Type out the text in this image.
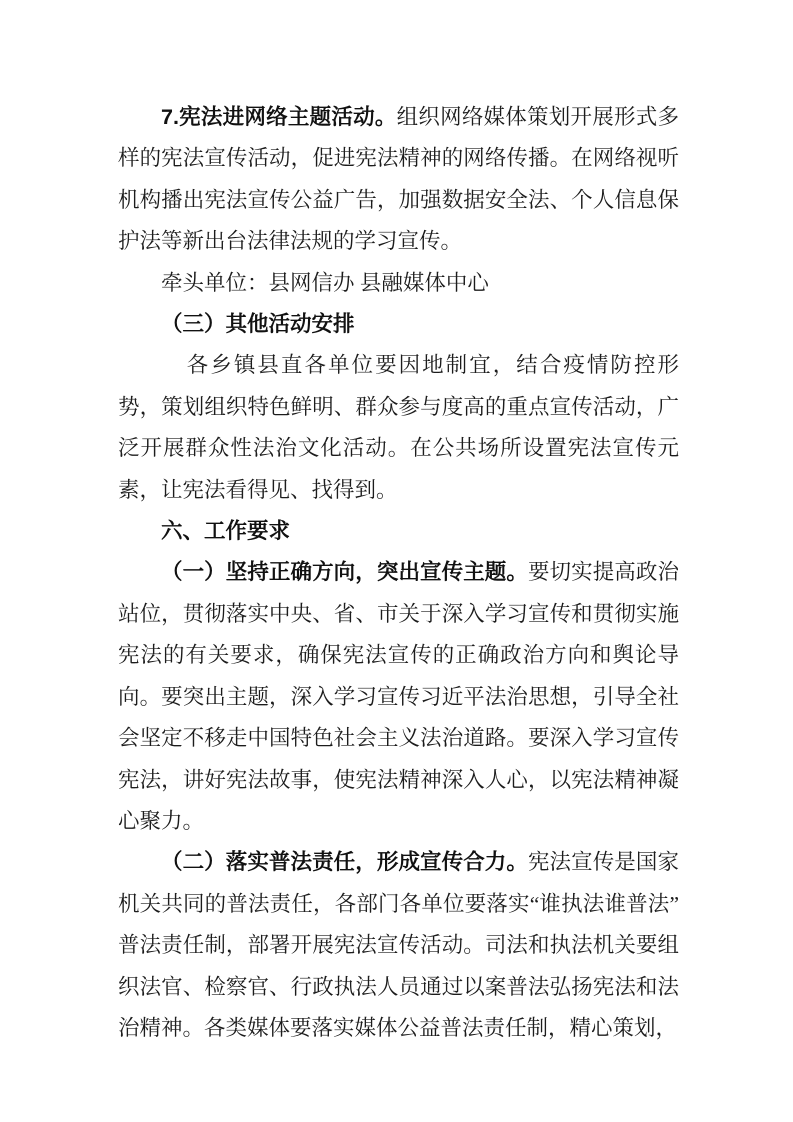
7.宪法进网络主题活动。组织网络媒体策划开展形式多样的宪法宣传活动，促进宪法精神的网络传播。在网络视听机构播出宪法宣传公益广告，加强数据安全法、个人信息保护法等新出台法律法规的学习宣传。

牵头单位：县网信办 县融媒体中心

（三）其他活动安排

各乡镇县直各单位要因地制宜，结合疫情防控形势，策划组织特色鲜明、群众参与度高的重点宣传活动，广泛开展群众性法治文化活动。在公共场所设置宪法宣传元素，让宪法看得见、找得到。

六、工作要求

（一）坚持正确方向，突出宣传主题。要切实提高政治站位，贯彻落实中央、省、市关于深入学习宣传和贯彻实施宪法的有关要求，确保宪法宣传的正确政治方向和舆论导向。要突出主题，深入学习宣传习近平法治思想，引导全社会坚定不移走中国特色社会主义法治道路。要深入学习宣传宪法，讲好宪法故事，使宪法精神深入人心，以宪法精神凝心聚力。

（二）落实普法责任，形成宣传合力。宪法宣传是国家机关共同的普法责任，各部门各单位要落实“谁执法谁普法”普法责任制，部署开展宪法宣传活动。司法和执法机关要组织法官、检察官、行政执法人员通过以案普法弘扬宪法和法治精神。各类媒体要落实媒体公益普法责任制，精心策划，
